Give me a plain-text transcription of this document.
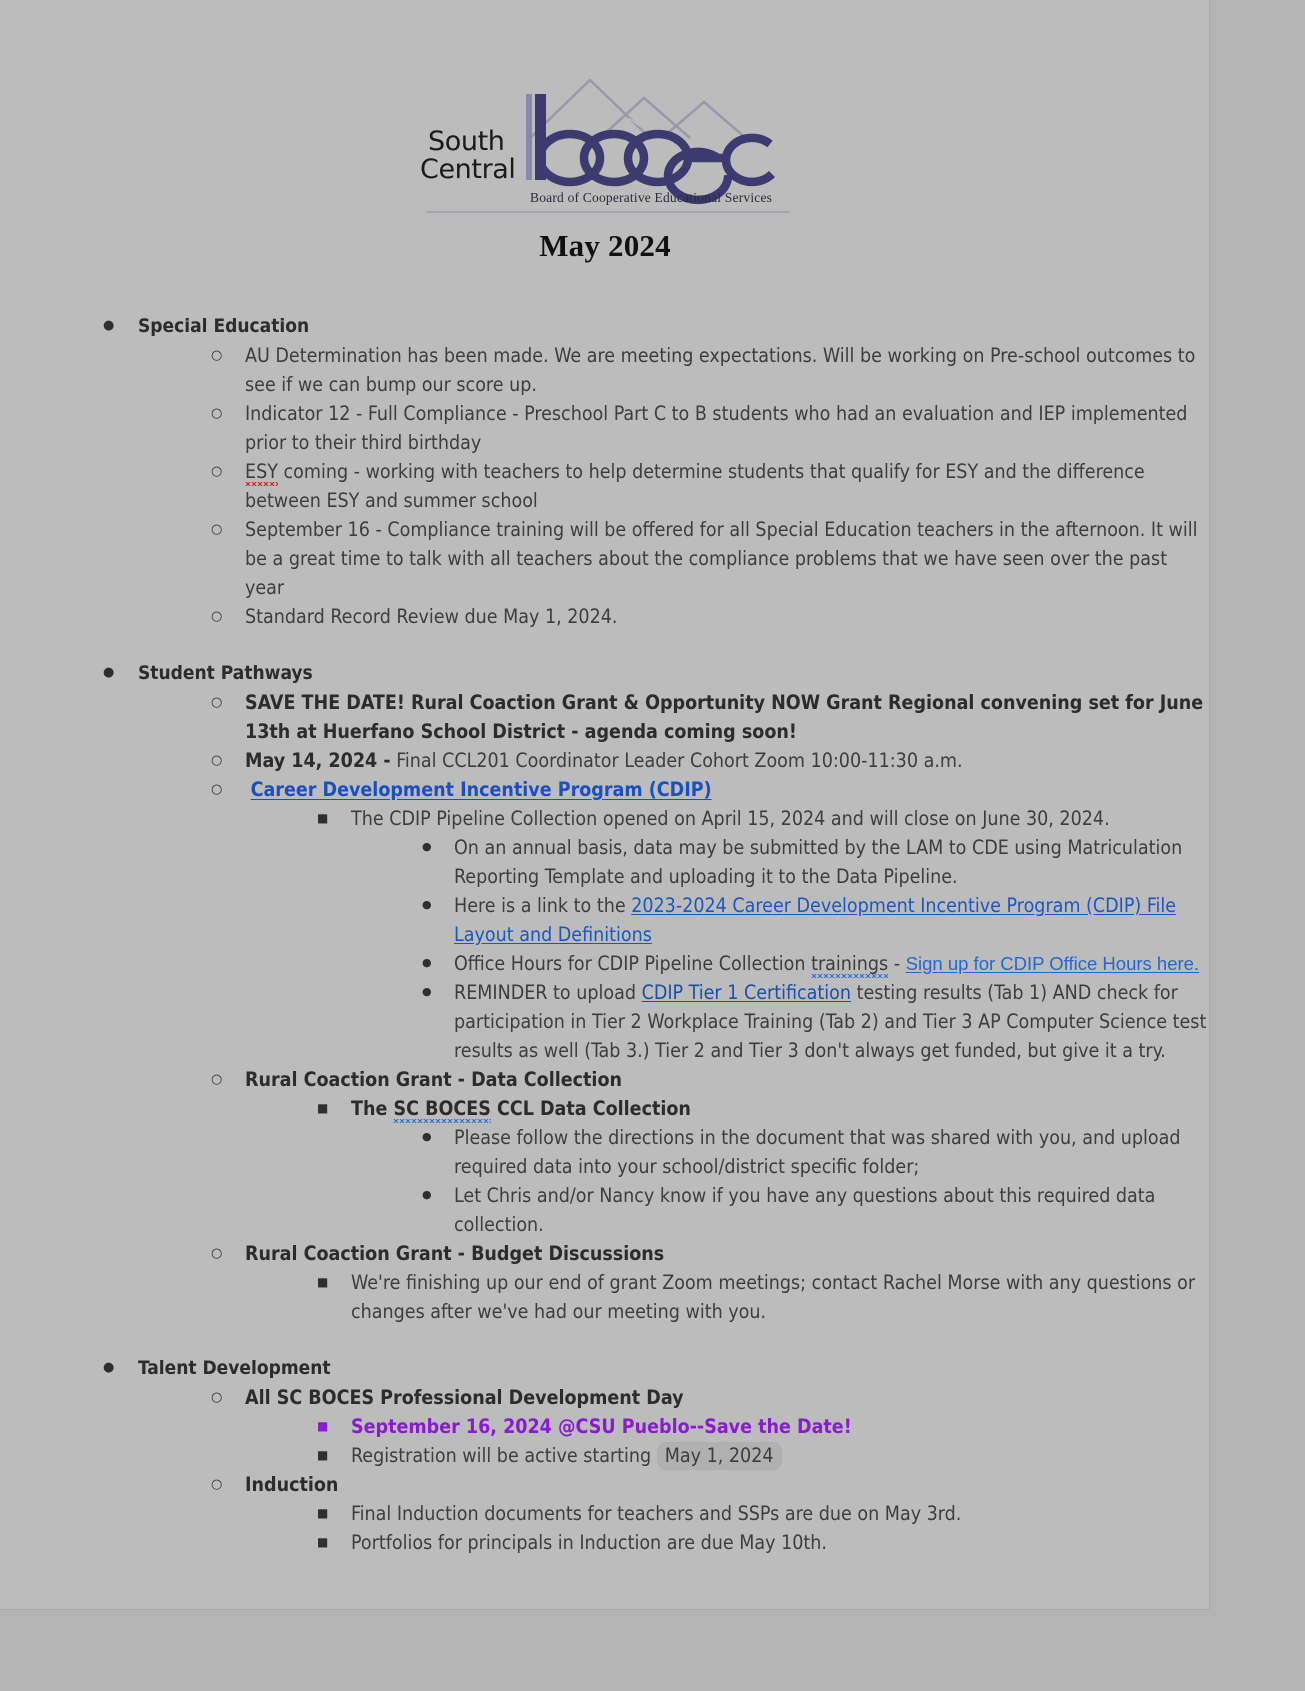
South
Central
Board of Cooperative Educational Services
May 2024
● Special Education
○ AU Determination has been made. We are meeting expectations. Will be working on Pre-school outcomes to see if we can bump our score up.
○ Indicator 12 - Full Compliance - Preschool Part C to B students who had an evaluation and IEP implemented prior to their third birthday
○ ESY coming - working with teachers to help determine students that qualify for ESY and the difference between ESY and summer school
○ September 16 - Compliance training will be offered for all Special Education teachers in the afternoon. It will be a great time to talk with all teachers about the compliance problems that we have seen over the past year
○ Standard Record Review due May 1, 2024.
● Student Pathways
○ SAVE THE DATE! Rural Coaction Grant & Opportunity NOW Grant Regional convening set for June 13th at Huerfano School District - agenda coming soon!
○ May 14, 2024 - Final CCL201 Coordinator Leader Cohort Zoom 10:00-11:30 a.m.
○ Career Development Incentive Program (CDIP)
■ The CDIP Pipeline Collection opened on April 15, 2024 and will close on June 30, 2024.
● On an annual basis, data may be submitted by the LAM to CDE using Matriculation Reporting Template and uploading it to the Data Pipeline.
● Here is a link to the 2023-2024 Career Development Incentive Program (CDIP) File Layout and Definitions
● Office Hours for CDIP Pipeline Collection trainings - Sign up for CDIP Office Hours here.
● REMINDER to upload CDIP Tier 1 Certification testing results (Tab 1) AND check for participation in Tier 2 Workplace Training (Tab 2) and Tier 3 AP Computer Science test results as well (Tab 3.) Tier 2 and Tier 3 don't always get funded, but give it a try.
○ Rural Coaction Grant - Data Collection
■ The SC BOCES CCL Data Collection
● Please follow the directions in the document that was shared with you, and upload required data into your school/district specific folder;
● Let Chris and/or Nancy know if you have any questions about this required data collection.
○ Rural Coaction Grant - Budget Discussions
■ We're finishing up our end of grant Zoom meetings; contact Rachel Morse with any questions or changes after we've had our meeting with you.
● Talent Development
○ All SC BOCES Professional Development Day
■ September 16, 2024 @CSU Pueblo--Save the Date!
■ Registration will be active starting May 1, 2024
○ Induction
■ Final Induction documents for teachers and SSPs are due on May 3rd.
■ Portfolios for principals in Induction are due May 10th.
